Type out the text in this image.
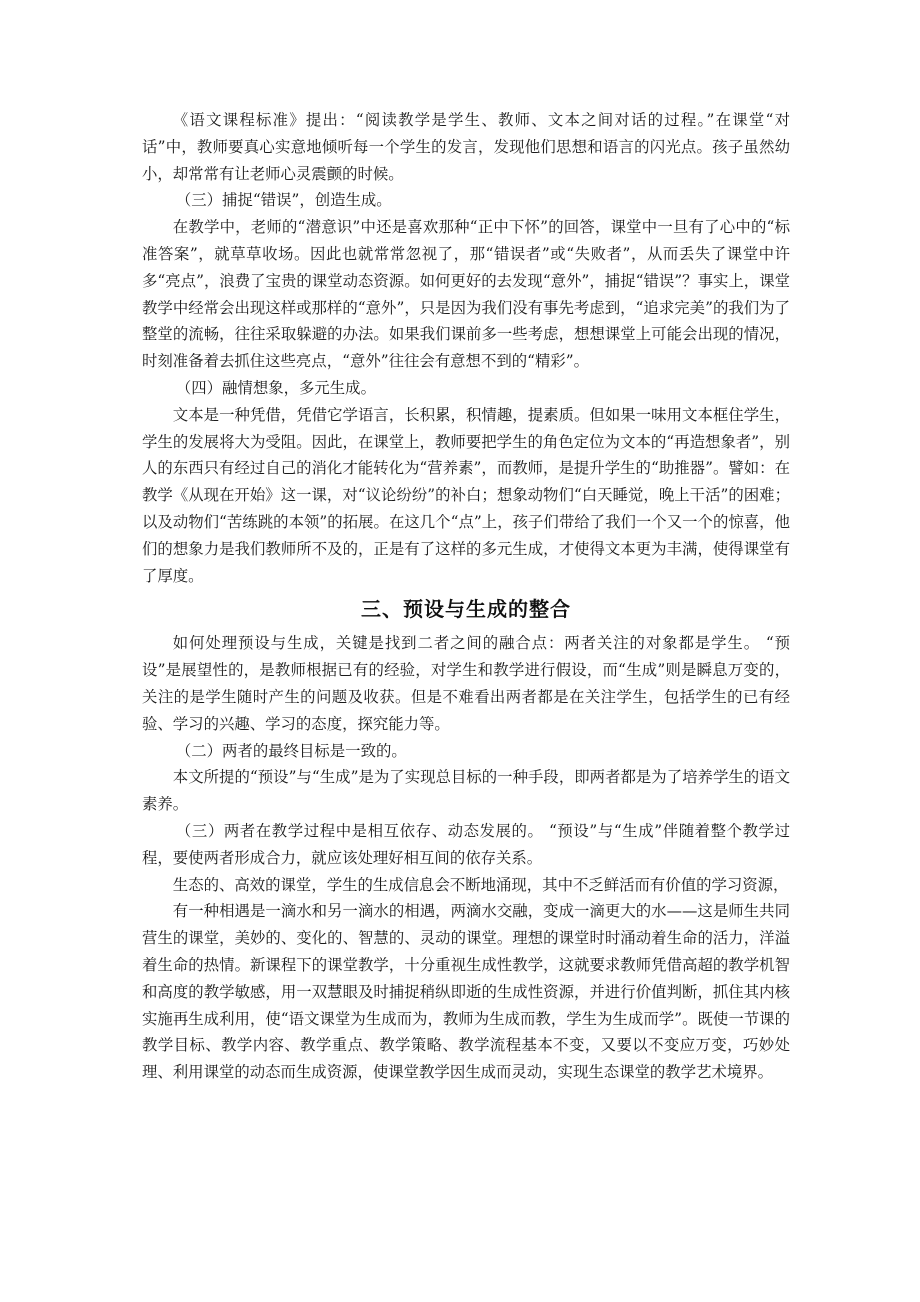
《语文课程标准》提出：“阅读教学是学生、教师、文本之间对话的过程。”在课堂“对话”中，教师要真心实意地倾听每一个学生的发言，发现他们思想和语言的闪光点。孩子虽然幼小，却常常有让老师心灵震颤的时候。

（三）捕捉“错误”，创造生成。

在教学中，老师的“潜意识”中还是喜欢那种“正中下怀”的回答，课堂中一旦有了心中的“标准答案”，就草草收场。因此也就常常忽视了，那“错误者”或“失败者”，从而丢失了课堂中许多“亮点”，浪费了宝贵的课堂动态资源。如何更好的去发现“意外”，捕捉“错误”？事实上，课堂教学中经常会出现这样或那样的“意外”，只是因为我们没有事先考虑到，“追求完美”的我们为了整堂的流畅，往往采取躲避的办法。如果我们课前多一些考虑，想想课堂上可能会出现的情况，时刻准备着去抓住这些亮点，“意外”往往会有意想不到的“精彩”。

（四）融情想象，多元生成。

文本是一种凭借，凭借它学语言，长积累，积情趣，提素质。但如果一味用文本框住学生，学生的发展将大为受阻。因此，在课堂上，教师要把学生的角色定位为文本的“再造想象者”，别人的东西只有经过自己的消化才能转化为“营养素”，而教师，是提升学生的“助推器”。譬如：在教学《从现在开始》这一课，对“议论纷纷”的补白；想象动物们“白天睡觉，晚上干活”的困难；以及动物们“苦练跳的本领”的拓展。在这几个“点”上，孩子们带给了我们一个又一个的惊喜，他们的想象力是我们教师所不及的，正是有了这样的多元生成，才使得文本更为丰满，使得课堂有了厚度。

三、预设与生成的整合

如何处理预设与生成，关键是找到二者之间的融合点：两者关注的对象都是学生。 “预设”是展望性的，是教师根据已有的经验，对学生和教学进行假设，而“生成”则是瞬息万变的，关注的是学生随时产生的问题及收获。但是不难看出两者都是在关注学生，包括学生的已有经验、学习的兴趣、学习的态度，探究能力等。

（二）两者的最终目标是一致的。

本文所提的“预设”与“生成”是为了实现总目标的一种手段，即两者都是为了培养学生的语文素养。

（三）两者在教学过程中是相互依存、动态发展的。 “预设”与“生成”伴随着整个教学过程，要使两者形成合力，就应该处理好相互间的依存关系。

生态的、高效的课堂，学生的生成信息会不断地涌现，其中不乏鲜活而有价值的学习资源，

有一种相遇是一滴水和另一滴水的相遇，两滴水交融，变成一滴更大的水——这是师生共同营生的课堂，美妙的、变化的、智慧的、灵动的课堂。理想的课堂时时涌动着生命的活力，洋溢着生命的热情。新课程下的课堂教学，十分重视生成性教学，这就要求教师凭借高超的教学机智和高度的教学敏感，用一双慧眼及时捕捉稍纵即逝的生成性资源，并进行价值判断，抓住其内核实施再生成利用，使“语文课堂为生成而为，教师为生成而教，学生为生成而学”。既使一节课的教学目标、教学内容、教学重点、教学策略、教学流程基本不变，又要以不变应万变，巧妙处理、利用课堂的动态而生成资源，使课堂教学因生成而灵动，实现生态课堂的教学艺术境界。
